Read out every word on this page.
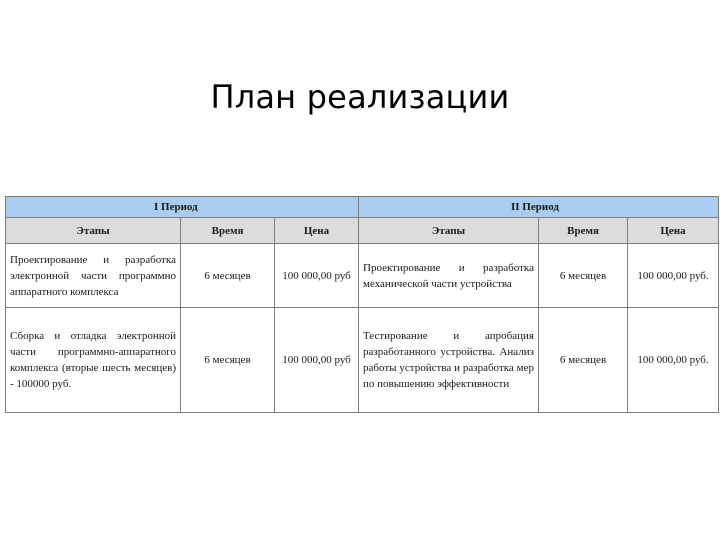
План реализации
I Период			II Период		
Этапы	Время	Цена	Этапы	Время	Цена
Проектирование и разработка электронной части программно аппаратного комплекса	6 месяцев	100 000,00 руб	Проектирование и разработка механической части устройства	6 месяцев	100 000,00 руб.
Сборка и отладка электронной части программно-аппаратного комплекса (вторые шесть месяцев) - 100000 руб.	6 месяцев	100 000,00 руб	Тестирование и апробация разработанного устройства. Анализ работы устройства и разработка мер по повышению эффективности	6 месяцев	100 000,00 руб.
